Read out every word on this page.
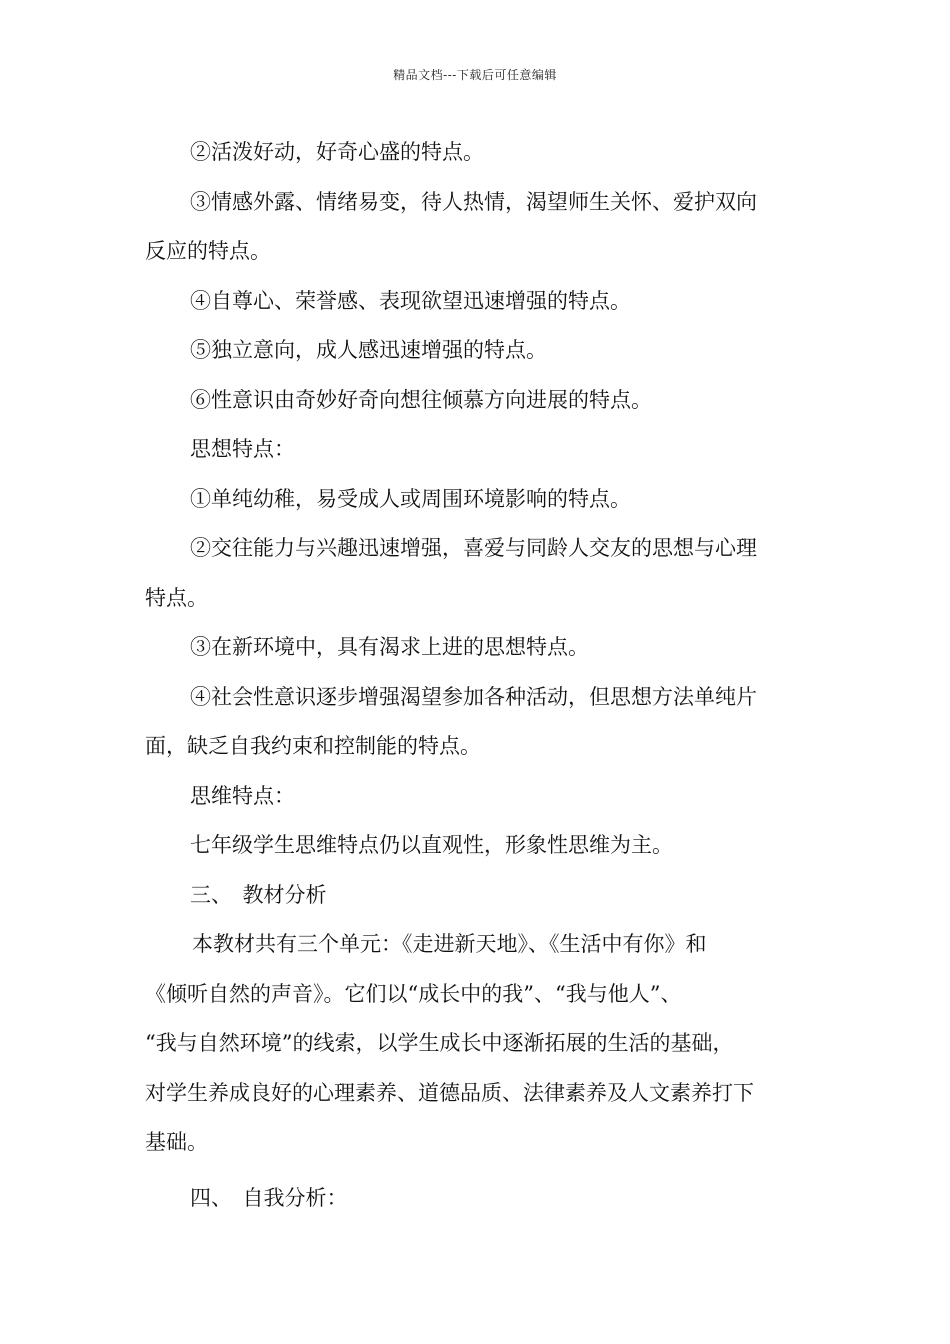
精品文档---下载后可任意编辑
②活泼好动，好奇心盛的特点。
③情感外露、情绪易变，待人热情，渴望师生关怀、爱护双向
反应的特点。
④自尊心、荣誉感、表现欲望迅速增强的特点。
⑤独立意向，成人感迅速增强的特点。
⑥性意识由奇妙好奇向想往倾慕方向进展的特点。
思想特点：
①单纯幼稚，易受成人或周围环境影响的特点。
②交往能力与兴趣迅速增强，喜爱与同龄人交友的思想与心理
特点。
③在新环境中，具有渴求上进的思想特点。
④社会性意识逐步增强渴望参加各种活动，但思想方法单纯片
面，缺乏自我约束和控制能的特点。
思维特点：
七年级学生思维特点仍以直观性，形象性思维为主。
三、　教材分析
本教材共有三个单元：《走进新天地》、《生活中有你》和
《倾听自然的声音》。它们以“成长中的我”、“我与他人”、
“我与自然环境”的线索，以学生成长中逐渐拓展的生活的基础，
对学生养成良好的心理素养、道德品质、法律素养及人文素养打下
基础。
四、　自我分析：
